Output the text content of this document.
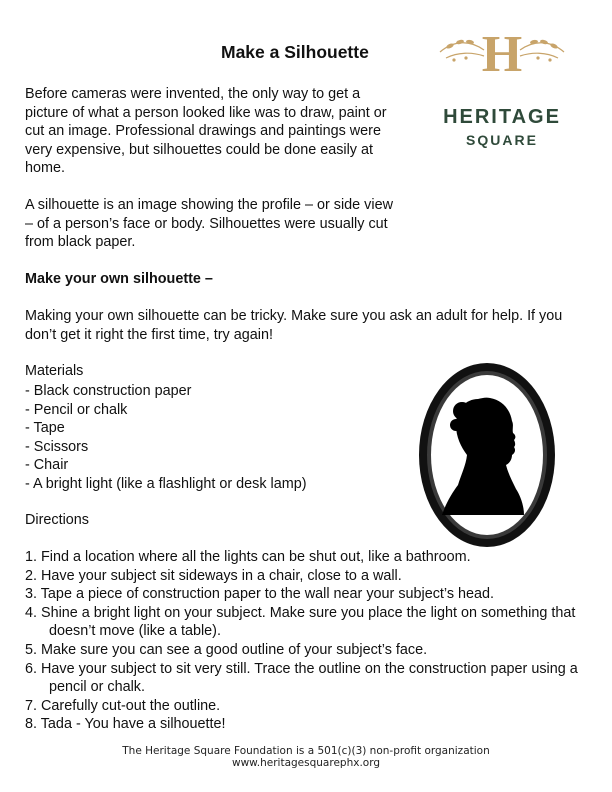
Make a Silhouette H
HERITAGE
SQUARE

Before cameras were invented, the only way to get a picture of what a person looked like was to draw, paint or cut an image. Professional drawings and paintings were very expensive, but silhouettes could be done easily at home.

A silhouette is an image showing the profile – or side view – of a person’s face or body. Silhouettes were usually cut from black paper.

Make your own silhouette –

Making your own silhouette can be tricky. Make sure you ask an adult for help. If you don’t get it right the first time, try again!

Materials

- Black construction paper
- Pencil or chalk
- Tape
- Scissors
- Chair
- A bright light (like a flashlight or desk lamp)

Directions

1. Find a location where all the lights can be shut out, like a bathroom.
2. Have your subject sit sideways in a chair, close to a wall.
3. Tape a piece of construction paper to the wall near your subject’s head.
4. Shine a bright light on your subject. Make sure you place the light on something that doesn’t move (like a table).
5. Make sure you can see a good outline of your subject’s face.
6. Have your subject to sit very still. Trace the outline on the construction paper using a pencil or chalk.
7. Carefully cut-out the outline.
8. Tada - You have a silhouette!
The Heritage Square Foundation is a 501(c)(3) non-profit organization
www.heritagesquarephx.org
